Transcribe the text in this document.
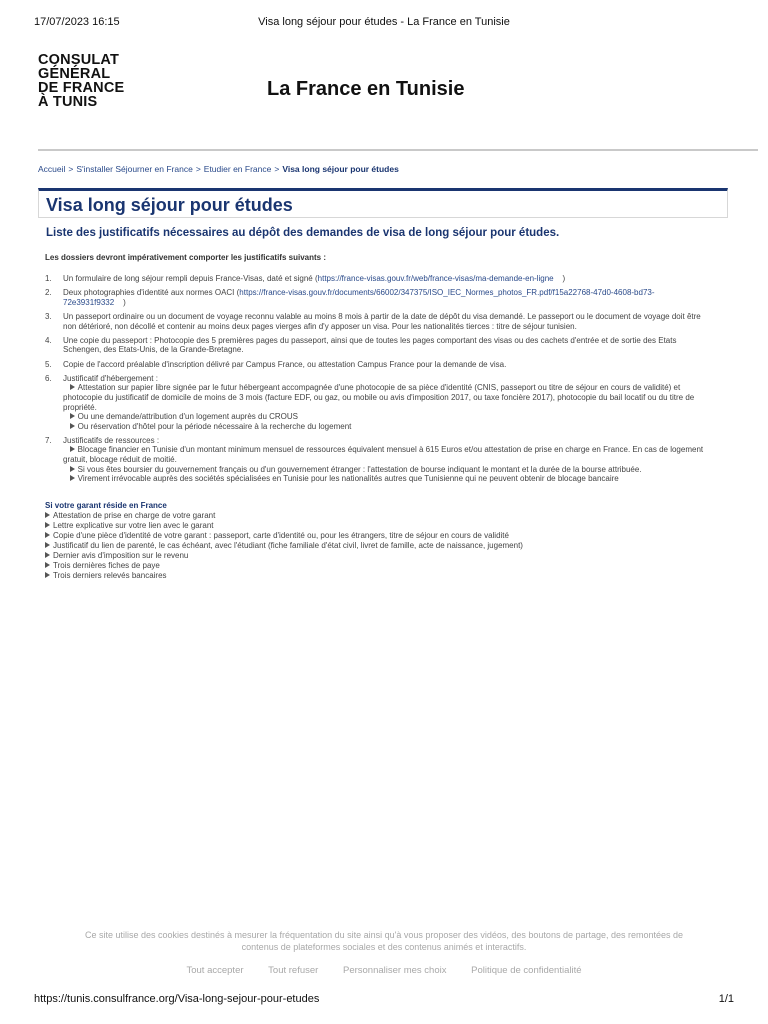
17/07/2023 16:15	Visa long séjour pour études - La France en Tunisie
CONSULAT
GÉNÉRAL
DE FRANCE
À TUNIS
La France en Tunisie
Accueil > S'installer Séjourner en France > Etudier en France > Visa long séjour pour études
Visa long séjour pour études
Liste des justificatifs nécessaires au dépôt des demandes de visa de long séjour pour études.
Les dossiers devront impérativement comporter les justificatifs suivants :
1. Un formulaire de long séjour rempli depuis France-Visas, daté et signé (https://france-visas.gouv.fr/web/france-visas/ma-demande-en-ligne )
2. Deux photographies d'identité aux normes OACI (https://france-visas.gouv.fr/documents/66002/347375/ISO_IEC_Normes_photos_FR.pdf/f15a22768-47d0-4608-bd73-72e3931f9332 )
3. Un passeport ordinaire ou un document de voyage reconnu valable au moins 8 mois à partir de la date de dépôt du visa demandé. Le passeport ou le document de voyage doit être non détérioré, non décollé et contenir au moins deux pages vierges afin d'y apposer un visa. Pour les nationalités tierces : titre de séjour tunisien.
4. Une copie du passeport : Photocopie des 5 premières pages du passeport, ainsi que de toutes les pages comportant des visas ou des cachets d'entrée et de sortie des Etats Schengen, des Etats-Unis, de la Grande-Bretagne.
5. Copie de l'accord préalable d'inscription délivré par Campus France, ou attestation Campus France pour la demande de visa.
6. Justificatif d'hébergement :
Attestation sur papier libre signée par le futur hébergeant accompagnée d'une photocopie de sa pièce d'identité (CNIS, passeport ou titre de séjour en cours de validité) et photocopie du justificatif de domicile de moins de 3 mois (facture EDF, ou gaz, ou mobile ou avis d'imposition 2017, ou taxe foncière 2017), photocopie du bail locatif ou du titre de propriété.
Ou une demande/attribution d'un logement auprès du CROUS
Ou réservation d'hôtel pour la période nécessaire à la recherche du logement
7. Justificatifs de ressources :
Blocage financier en Tunisie d'un montant minimum mensuel de ressources équivalent mensuel à 615 Euros et/ou attestation de prise en charge en France. En cas de logement gratuit, blocage réduit de moitié.
Si vous êtes boursier du gouvernement français ou d'un gouvernement étranger : l'attestation de bourse indiquant le montant et la durée de la bourse attribuée.
Virement irrévocable auprès des sociétés spécialisées en Tunisie pour les nationalités autres que Tunisienne qui ne peuvent obtenir de blocage bancaire
Si votre garant réside en France
Attestation de prise en charge de votre garant
Lettre explicative sur votre lien avec le garant
Copie d'une pièce d'identité de votre garant : passeport, carte d'identité ou, pour les étrangers, titre de séjour en cours de validité
Justificatif du lien de parenté, le cas échéant, avec l'étudiant (fiche familiale d'état civil, livret de famille, acte de naissance, jugement)
Dernier avis d'imposition sur le revenu
Trois dernières fiches de paye
Trois derniers relevés bancaires
Ce site utilise des cookies destinés à mesurer la fréquentation du site ainsi qu'à vous proposer des vidéos, des boutons de partage, des remontées de contenus de plateformes sociales et des contenus animés et interactifs.
Tout accepter	Tout refuser	Personnaliser mes choix	Politique de confidentialité
https://tunis.consulfrance.org/Visa-long-sejour-pour-etudes	1/1
